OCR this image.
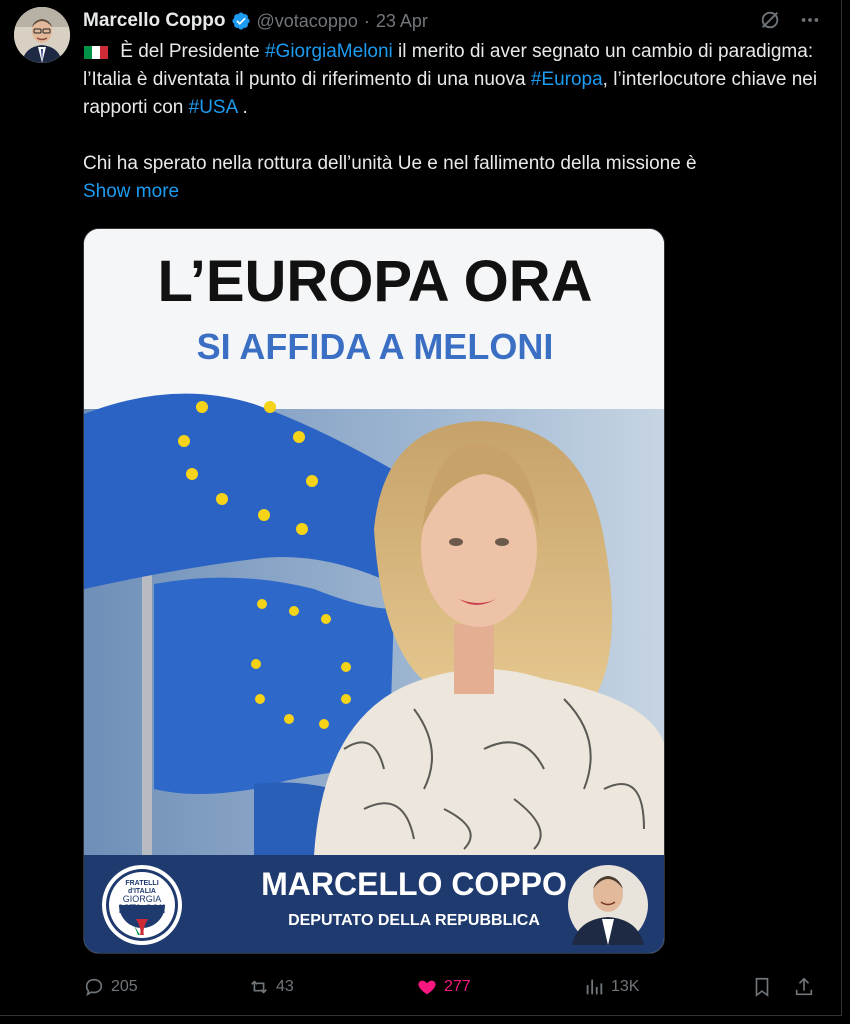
Marcello Coppo @votacoppo · 23 Apr

È del Presidente #GiorgiaMeloni il merito di aver segnato un cambio di paradigma: l’Italia è diventata il punto di riferimento di una nuova #Europa, l’interlocutore chiave nei rapporti con #USA .

Chi ha sperato nella rottura dell’unità Ue e nel fallimento della missione è

Show more
L’EUROPA ORA
SI AFFIDA A MELONI
FRATELLI
d'ITALIA
GIORGIA
MELONI
MARCELLO COPPO
DEPUTATO DELLA REPUBBLICA
205	43	277	13K
